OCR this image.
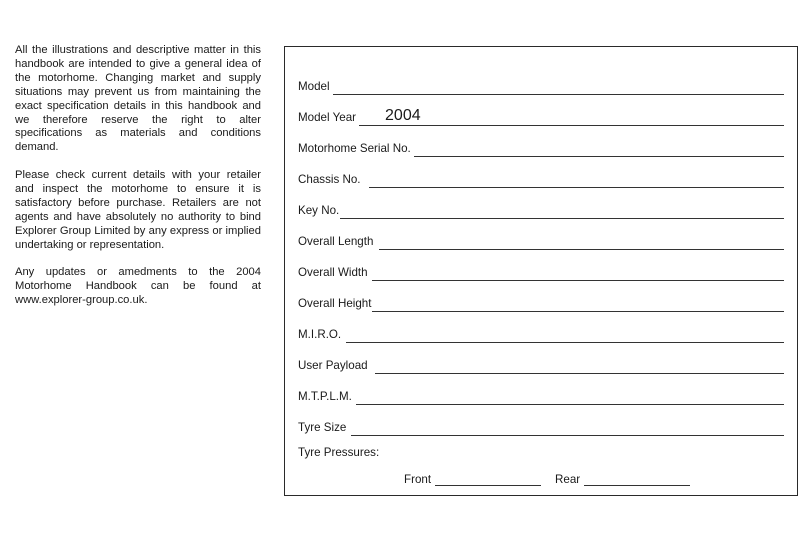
All the illustrations and descriptive matter in this handbook are intended to give a general idea of the motorhome. Changing market and supply situations may prevent us from maintaining the exact specification details in this handbook and we therefore reserve the right to alter specifications as materials and conditions demand.

Please check current details with your retailer and inspect the motorhome to ensure it is satisfactory before purchase. Retailers are not agents and have absolutely no authority to bind Explorer Group Limited by any express or implied undertaking or representation.

Any updates or amedments to the 2004 Motorhome Handbook can be found at www.explorer-group.co.uk.

Model
Model Year 2004
Motorhome Serial No.
Chassis No.
Key No.
Overall Length
Overall Width
Overall Height
M.I.R.O.
User Payload
M.T.P.L.M.
Tyre Size
Tyre Pressures:
Front	Rear
